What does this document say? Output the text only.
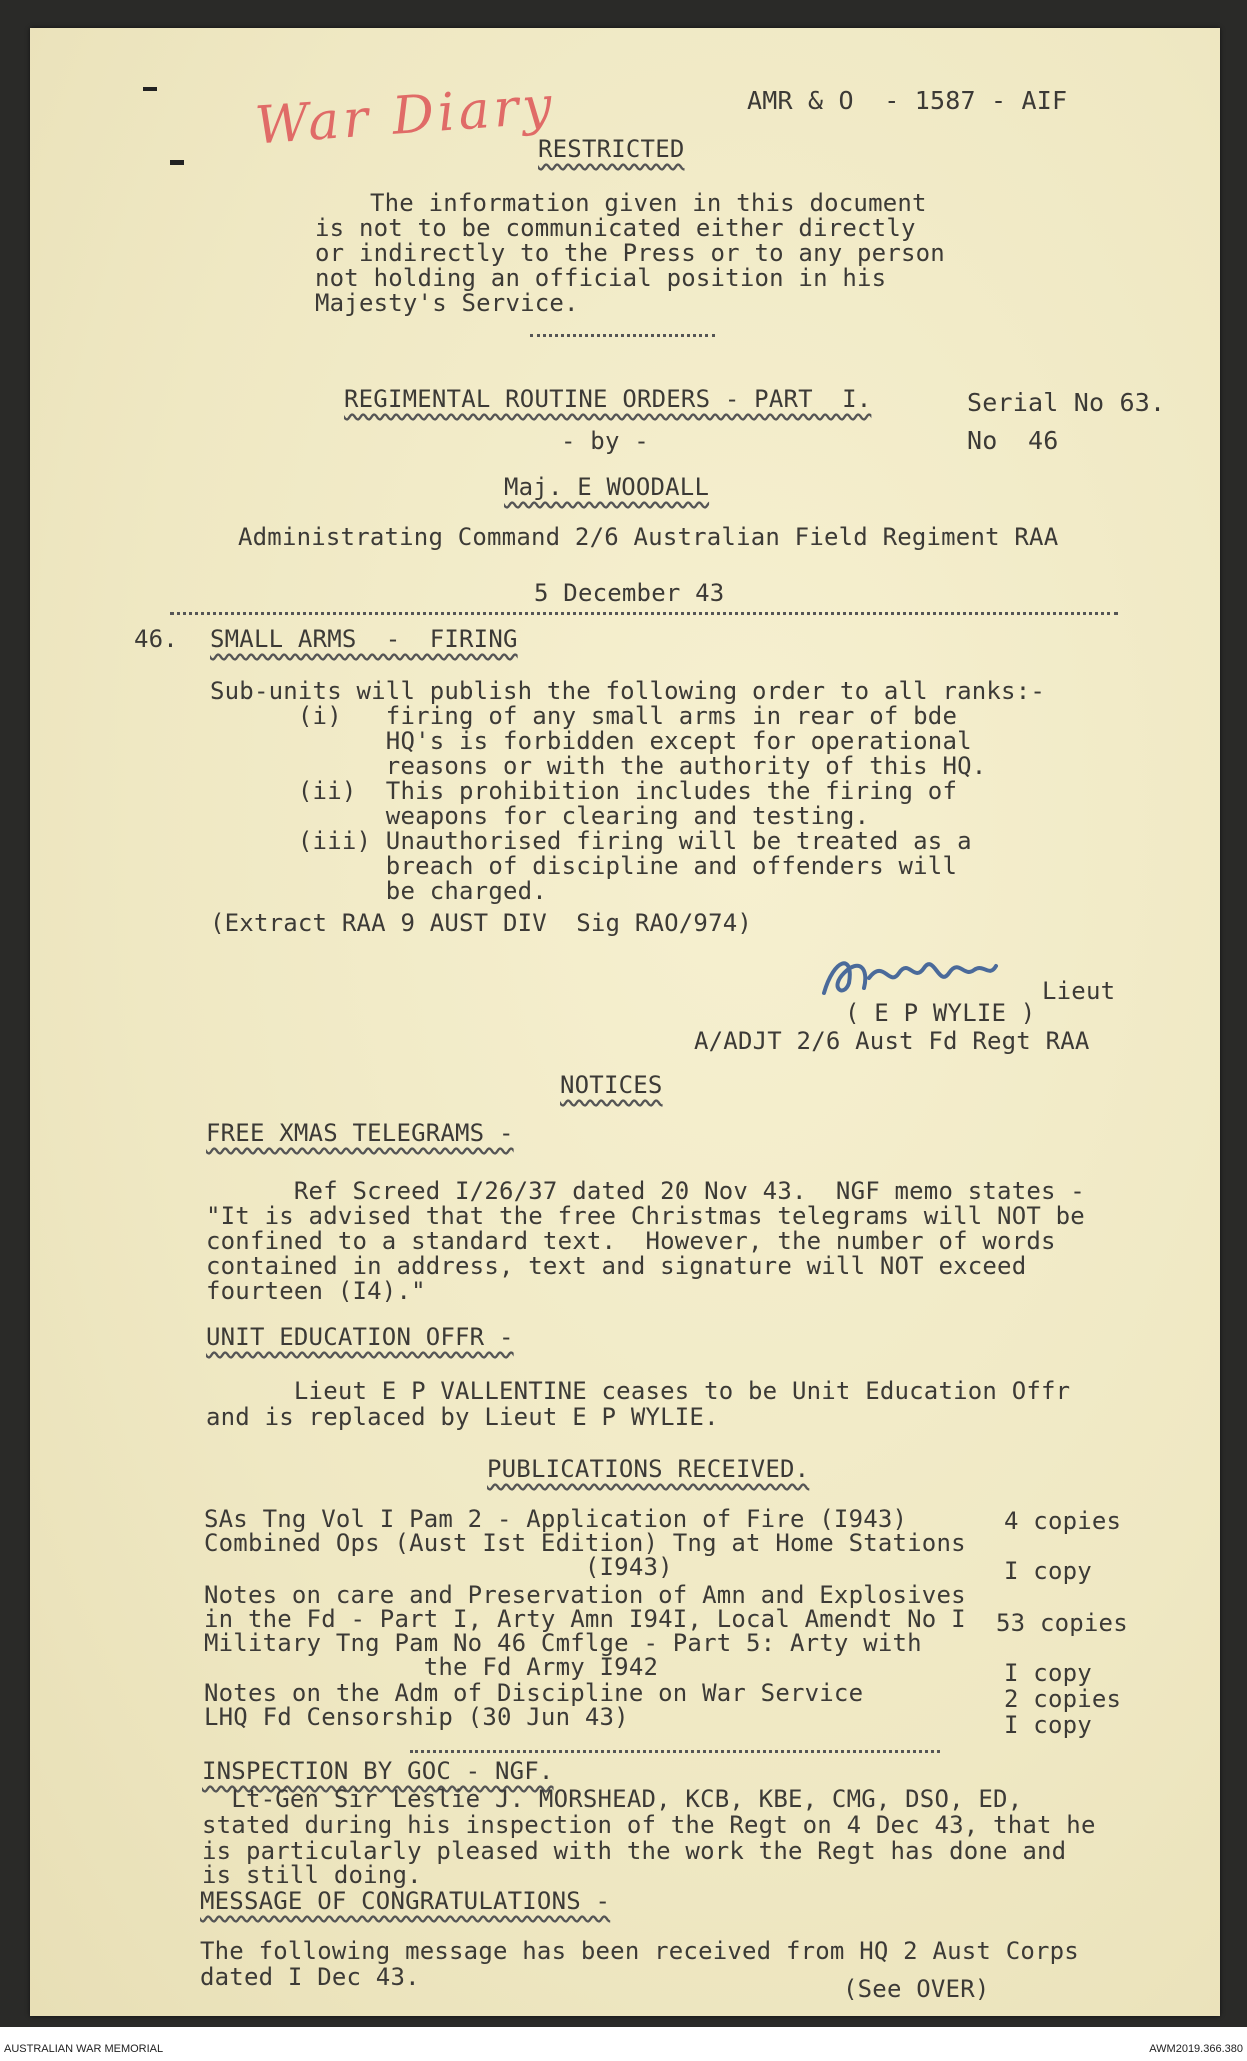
War Diary	AMR & O  - 1587 - AIF
RESTRICTED
The information given in this document
is not to be communicated either directly
or indirectly to the Press or to any person
not holding an official position in his
Majesty's Service.
REGIMENTAL ROUTINE ORDERS - PART  I.	Serial No 63.
- by -	No  46
Maj. E WOODALL
Administrating Command 2/6 Australian Field Regiment RAA
5 December 43
46. SMALL ARMS  -  FIRING
Sub-units will publish the following order to all ranks:-
(i)   firing of any small arms in rear of bde
HQ's is forbidden except for operational
reasons or with the authority of this HQ.
(ii)  This prohibition includes the firing of
weapons for clearing and testing.
(iii) Unauthorised firing will be treated as a
breach of discipline and offenders will
be charged.
(Extract RAA 9 AUST DIV  Sig RAO/974)
Lieut
( E P WYLIE )
A/ADJT 2/6 Aust Fd Regt RAA
NOTICES
FREE XMAS TELEGRAMS -
Ref Screed I/26/37 dated 20 Nov 43.  NGF memo states -
"It is advised that the free Christmas telegrams will NOT be
confined to a standard text.  However, the number of words
contained in address, text and signature will NOT exceed
fourteen (I4)."
UNIT EDUCATION OFFR -
Lieut E P VALLENTINE ceases to be Unit Education Offr
and is replaced by Lieut E P WYLIE.
PUBLICATIONS RECEIVED.
SAs Tng Vol I Pam 2 - Application of Fire (I943)	4 copies
Combined Ops (Aust Ist Edition) Tng at Home Stations
(I943)	I copy
Notes on care and Preservation of Amn and Explosives
in the Fd - Part I, Arty Amn I94I, Local Amendt No I 53 copies
Military Tng Pam No 46 Cmflge - Part 5: Arty with
the Fd Army I942	I copy
Notes on the Adm of Discipline on War Service	2 copies
LHQ Fd Censorship (30 Jun 43)	I copy
INSPECTION BY GOC - NGF.
Lt-Gen Sir Leslie J. MORSHEAD, KCB, KBE, CMG, DSO, ED,
stated during his inspection of the Regt on 4 Dec 43, that he
is particularly pleased with the work the Regt has done and
is still doing.
MESSAGE OF CONGRATULATIONS -
The following message has been received from HQ 2 Aust Corps
dated I Dec 43.	(See OVER)
AUSTRALIAN WAR MEMORIAL	AWM2019.366.380
